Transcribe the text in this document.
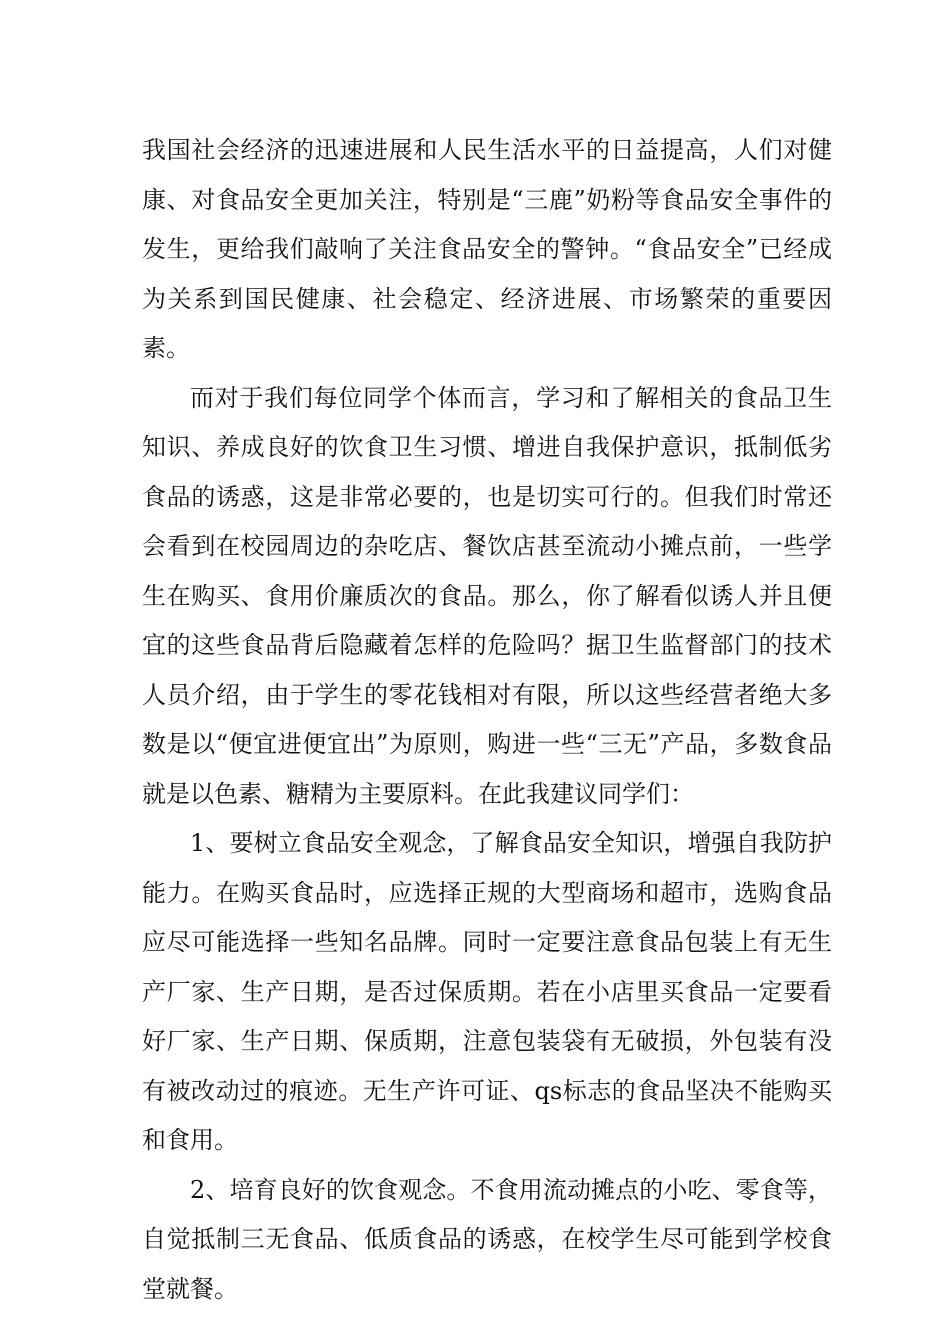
我国社会经济的迅速进展和人民生活水平的日益提高，人们对健康、对食品安全更加关注，特别是“三鹿”奶粉等食品安全事件的发生，更给我们敲响了关注食品安全的警钟。“食品安全”已经成为关系到国民健康、社会稳定、经济进展、市场繁荣的重要因素。

而对于我们每位同学个体而言，学习和了解相关的食品卫生知识、养成良好的饮食卫生习惯、增进自我保护意识，抵制低劣食品的诱惑，这是非常必要的，也是切实可行的。但我们时常还会看到在校园周边的杂吃店、餐饮店甚至流动小摊点前，一些学生在购买、食用价廉质次的食品。那么，你了解看似诱人并且便宜的这些食品背后隐藏着怎样的危险吗？据卫生监督部门的技术人员介绍，由于学生的零花钱相对有限，所以这些经营者绝大多数是以“便宜进便宜出”为原则，购进一些“三无”产品，多数食品就是以色素、糖精为主要原料。在此我建议同学们：

1、要树立食品安全观念，了解食品安全知识，增强自我防护能力。在购买食品时，应选择正规的大型商场和超市，选购食品应尽可能选择一些知名品牌。同时一定要注意食品包装上有无生产厂家、生产日期，是否过保质期。若在小店里买食品一定要看好厂家、生产日期、保质期，注意包装袋有无破损，外包装有没有被改动过的痕迹。无生产许可证、qs标志的食品坚决不能购买和食用。

2、培育良好的饮食观念。不食用流动摊点的小吃、零食等，自觉抵制三无食品、低质食品的诱惑，在校学生尽可能到学校食堂就餐。
